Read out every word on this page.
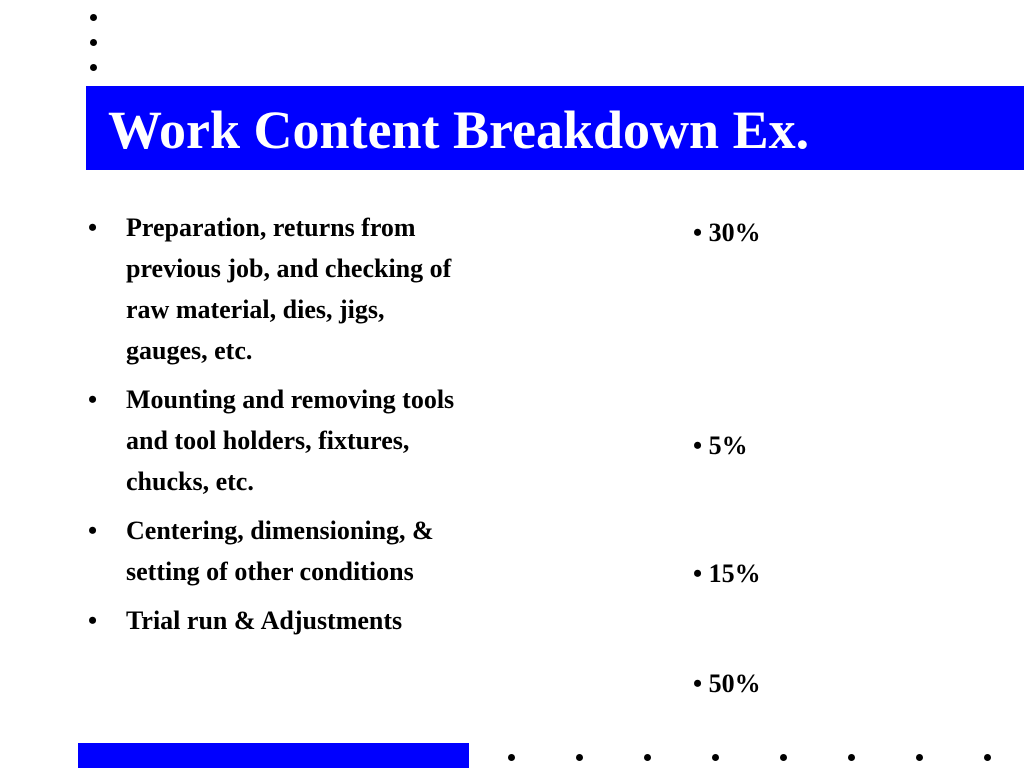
Work Content Breakdown Ex.
• Preparation, returns from previous job, and checking of raw material, dies, jigs, gauges, etc.
• Mounting and removing tools and tool holders, fixtures, chucks, etc.
• Centering, dimensioning, & setting of other conditions
• Trial run & Adjustments
• 30%
• 5%
• 15%
• 50%
